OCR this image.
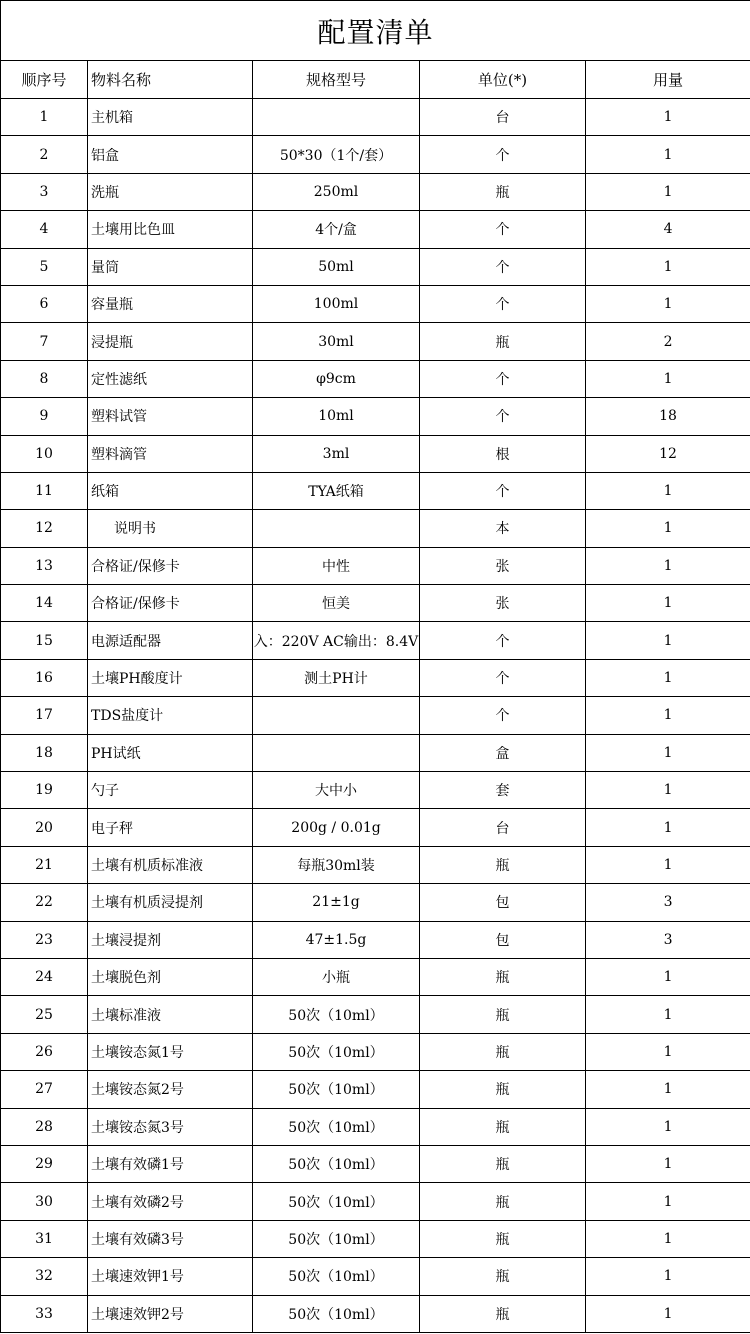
配置清单				
顺序号	物料名称	规格型号	单位(*)	用量
1	主机箱		台	1
2	铝盒	50*30（1个/套）	个	1
3	洗瓶	250ml	瓶	1
4	土壤用比色皿	4个/盒	个	4
5	量筒	50ml	个	1
6	容量瓶	100ml	个	1
7	浸提瓶	30ml	瓶	2
8	定性滤纸	φ9cm	个	1
9	塑料试管	10ml	个	18
10	塑料滴管	3ml	根	12
11	纸箱	TYA纸箱	个	1
12	说明书		本	1
13	合格证/保修卡	中性	张	1
14	合格证/保修卡	恒美	张	1
15	电源适配器	入：220V AC输出：8.4V	个	1
16	土壤PH酸度计	测土PH计	个	1
17	TDS盐度计		个	1
18	PH试纸		盒	1
19	勺子	大中小	套	1
20	电子秤	200g / 0.01g	台	1
21	土壤有机质标准液	每瓶30ml装	瓶	1
22	土壤有机质浸提剂	21±1g	包	3
23	土壤浸提剂	47±1.5g	包	3
24	土壤脱色剂	小瓶	瓶	1
25	土壤标准液	50次（10ml）	瓶	1
26	土壤铵态氮1号	50次（10ml）	瓶	1
27	土壤铵态氮2号	50次（10ml）	瓶	1
28	土壤铵态氮3号	50次（10ml）	瓶	1
29	土壤有效磷1号	50次（10ml）	瓶	1
30	土壤有效磷2号	50次（10ml）	瓶	1
31	土壤有效磷3号	50次（10ml）	瓶	1
32	土壤速效钾1号	50次（10ml）	瓶	1
33	土壤速效钾2号	50次（10ml）	瓶	1
